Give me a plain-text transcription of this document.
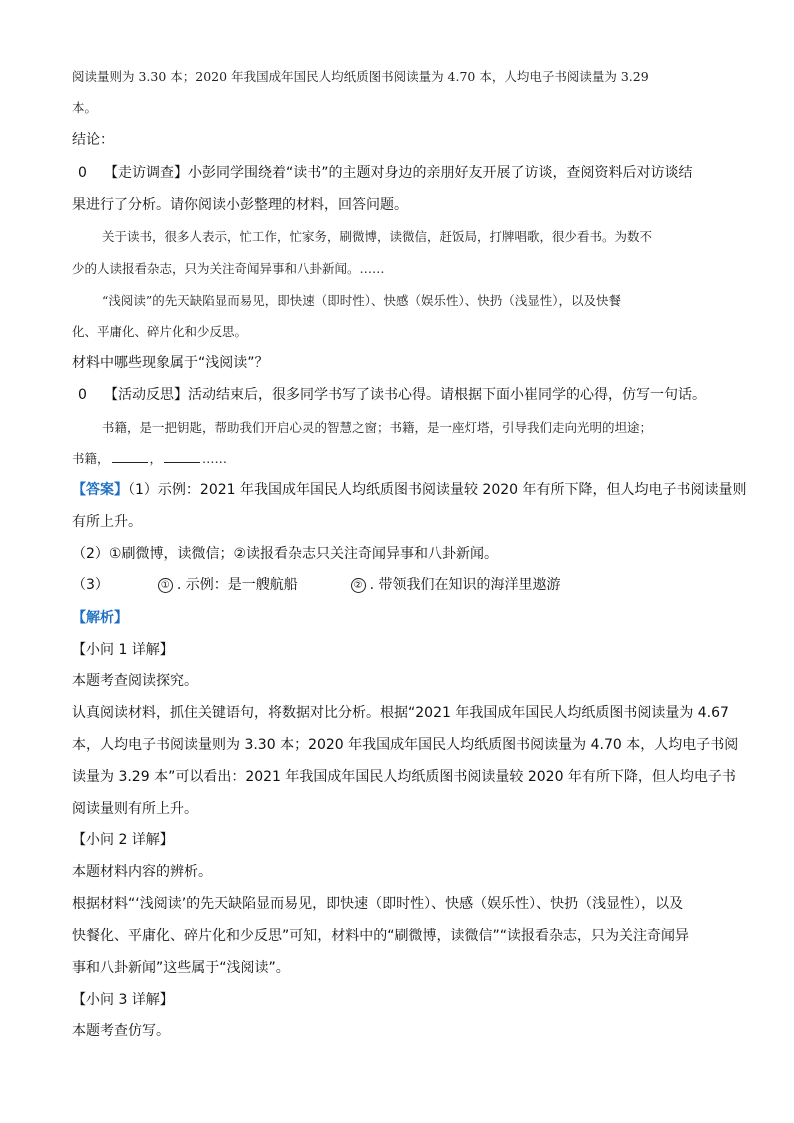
阅读量则为 3.30 本；2020 年我国成年国民人均纸质图书阅读量为 4.70 本，人均电子书阅读量为 3.29
本。
结论：
0 【走访调查】小彭同学围绕着“读书”的主题对身边的亲朋好友开展了访谈，查阅资料后对访谈结
果进行了分析。请你阅读小彭整理的材料，回答问题。
关于读书，很多人表示，忙工作，忙家务，刷微博，读微信，赶饭局，打牌唱歌，很少看书。为数不
少的人读报看杂志，只为关注奇闻异事和八卦新闻。……
“浅阅读”的先天缺陷显而易见，即快速（即时性）、快感（娱乐性）、快扔（浅显性），以及快餐
化、平庸化、碎片化和少反思。
材料中哪些现象属于“浅阅读”？
0 【活动反思】活动结束后，很多同学书写了读书心得。请根据下面小崔同学的心得，仿写一句话。
书籍，是一把钥匙，帮助我们开启心灵的智慧之窗；书籍，是一座灯塔，引导我们走向光明的坦途；
书籍，	，	……
【答案】（1）示例：2021 年我国成年国民人均纸质图书阅读量较 2020 年有所下降，但人均电子书阅读量则
有所上升。
（2）①刷微博，读微信；②读报看杂志只关注奇闻异事和八卦新闻。
（3）	① . 示例：是一艘航船	② . 带领我们在知识的海洋里遨游
【解析】
【小问 1 详解】
本题考查阅读探究。
认真阅读材料，抓住关键语句，将数据对比分析。根据“2021 年我国成年国民人均纸质图书阅读量为 4.67
本，人均电子书阅读量则为 3.30 本；2020 年我国成年国民人均纸质图书阅读量为 4.70 本，人均电子书阅
读量为 3.29 本”可以看出：2021 年我国成年国民人均纸质图书阅读量较 2020 年有所下降，但人均电子书
阅读量则有所上升。
【小问 2 详解】
本题材料内容的辨析。
根据材料“‘浅阅读’的先天缺陷显而易见，即快速（即时性）、快感（娱乐性）、快扔（浅显性），以及
快餐化、平庸化、碎片化和少反思”可知，材料中的“刷微博，读微信”“读报看杂志，只为关注奇闻异
事和八卦新闻”这些属于“浅阅读”。
【小问 3 详解】
本题考查仿写。
